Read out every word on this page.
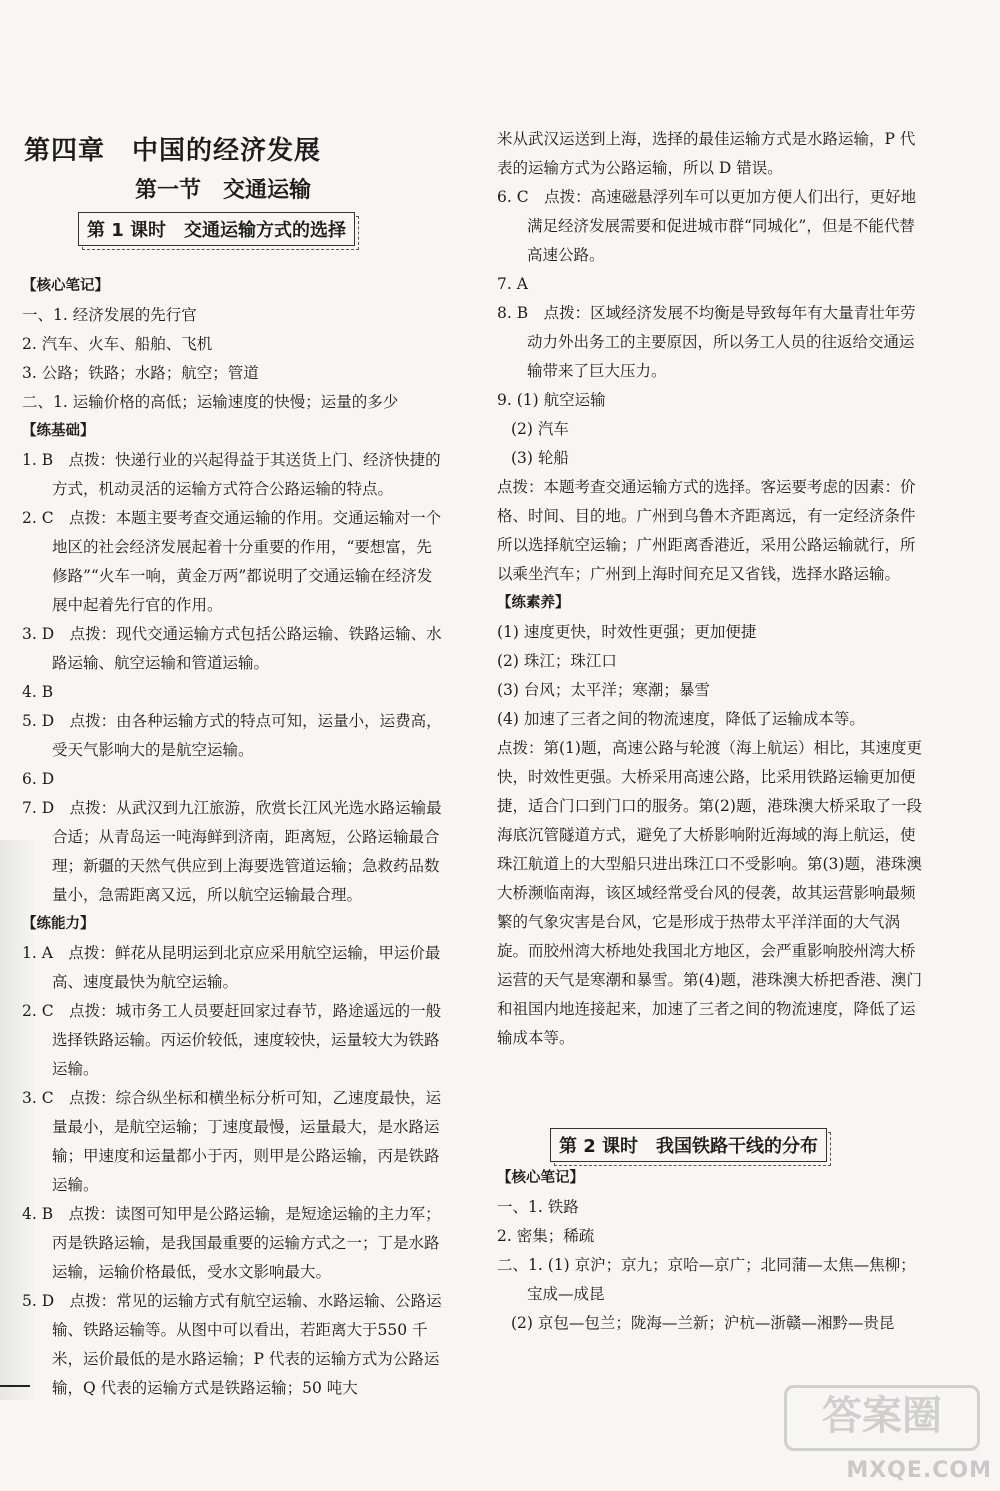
第四章　中国的经济发展
第一节　交通运输
第 1 课时　交通运输方式的选择
【核心笔记】
一、1. 经济发展的先行官
2. 汽车、火车、船舶、飞机
3. 公路；铁路；水路；航空；管道
二、1. 运输价格的高低；运输速度的快慢；运量的多少
【练基础】
1. B　点拨：快递行业的兴起得益于其送货上门、经济快捷的方式，机动灵活的运输方式符合公路运输的特点。
2. C　点拨：本题主要考查交通运输的作用。交通运输对一个地区的社会经济发展起着十分重要的作用，“要想富，先修路”“火车一响，黄金万两”都说明了交通运输在经济发展中起着先行官的作用。
3. D　点拨：现代交通运输方式包括公路运输、铁路运输、水路运输、航空运输和管道运输。
4. B
5. D　点拨：由各种运输方式的特点可知，运量小，运费高，受天气影响大的是航空运输。
6. D
7. D　点拨：从武汉到九江旅游，欣赏长江风光选水路运输最合适；从青岛运一吨海鲜到济南，距离短，公路运输最合理；新疆的天然气供应到上海要选管道运输；急救药品数量小，急需距离又远，所以航空运输最合理。
【练能力】
1. A　点拨：鲜花从昆明运到北京应采用航空运输，甲运价最高、速度最快为航空运输。
2. C　点拨：城市务工人员要赶回家过春节，路途遥远的一般选择铁路运输。丙运价较低，速度较快，运量较大为铁路运输。
3. C　点拨：综合纵坐标和横坐标分析可知，乙速度最快，运量最小，是航空运输；丁速度最慢，运量最大，是水路运输；甲速度和运量都小于丙，则甲是公路运输，丙是铁路运输。
4. B　点拨：读图可知甲是公路运输，是短途运输的主力军；丙是铁路运输，是我国最重要的运输方式之一；丁是水路运输，运输价格最低，受水文影响最大。
5. D　点拨：常见的运输方式有航空运输、水路运输、公路运输、铁路运输等。从图中可以看出，若距离大于550 千米，运价最低的是水路运输；P 代表的运输方式为公路运输，Q 代表的运输方式是铁路运输；50 吨大
米从武汉运送到上海，选择的最佳运输方式是水路运输，P 代表的运输方式为公路运输，所以 D 错误。
6. C　点拨：高速磁悬浮列车可以更加方便人们出行，更好地满足经济发展需要和促进城市群“同城化”，但是不能代替高速公路。
7. A
8. B　点拨：区域经济发展不均衡是导致每年有大量青壮年劳动力外出务工的主要原因，所以务工人员的往返给交通运输带来了巨大压力。
9. (1) 航空运输
(2) 汽车
(3) 轮船
点拨：本题考查交通运输方式的选择。客运要考虑的因素：价格、时间、目的地。广州到乌鲁木齐距离远，有一定经济条件所以选择航空运输；广州距离香港近，采用公路运输就行，所以乘坐汽车；广州到上海时间充足又省钱，选择水路运输。
【练素养】
(1) 速度更快，时效性更强；更加便捷
(2) 珠江；珠江口
(3) 台风；太平洋；寒潮；暴雪
(4) 加速了三者之间的物流速度，降低了运输成本等。
点拨：第(1)题，高速公路与轮渡（海上航运）相比，其速度更快，时效性更强。大桥采用高速公路，比采用铁路运输更加便捷，适合门口到门口的服务。第(2)题，港珠澳大桥采取了一段海底沉管隧道方式，避免了大桥影响附近海域的海上航运，使珠江航道上的大型船只进出珠江口不受影响。第(3)题，港珠澳大桥濒临南海，该区域经常受台风的侵袭，故其运营影响最频繁的气象灾害是台风，它是形成于热带太平洋洋面的大气涡旋。而胶州湾大桥地处我国北方地区，会严重影响胶州湾大桥运营的天气是寒潮和暴雪。第(4)题，港珠澳大桥把香港、澳门和祖国内地连接起来，加速了三者之间的物流速度，降低了运输成本等。
第 2 课时　我国铁路干线的分布
【核心笔记】
一、1. 铁路
2. 密集；稀疏
二、1. (1) 京沪；京九；京哈—京广；北同蒲—太焦—焦柳；宝成—成昆
(2) 京包—包兰；陇海—兰新；沪杭—浙赣—湘黔—贵昆
答案圈
MXQE.COM
